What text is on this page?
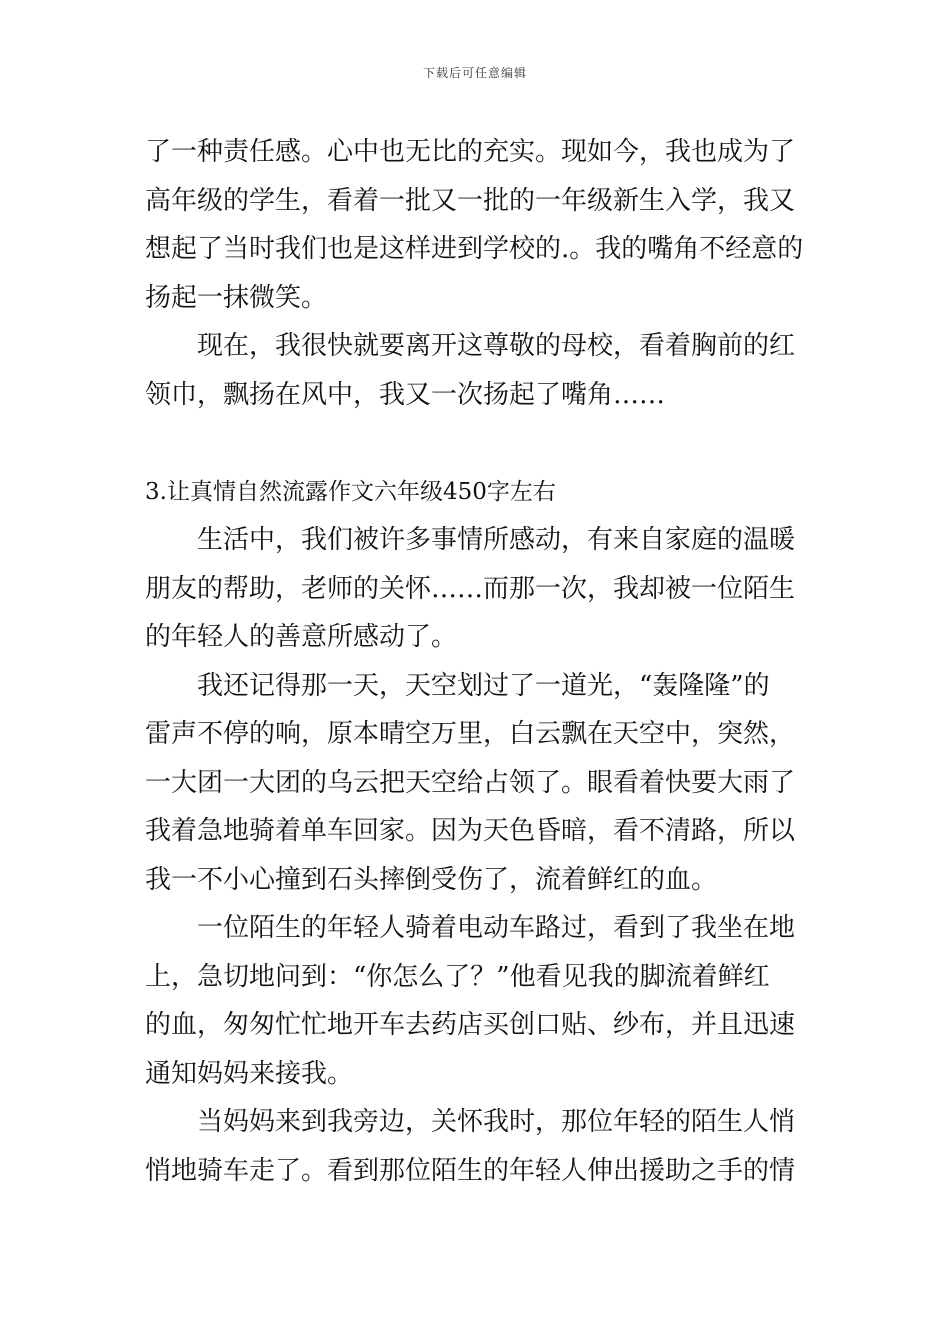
下载后可任意编辑
了一种责任感。心中也无比的充实。现如今，我也成为了
高年级的学生，看着一批又一批的一年级新生入学，我又
想起了当时我们也是这样进到学校的.。我的嘴角不经意的
扬起一抹微笑。
现在，我很快就要离开这尊敬的母校，看着胸前的红
领巾，飘扬在风中，我又一次扬起了嘴角……
3.让真情自然流露作文六年级450字左右
生活中，我们被许多事情所感动，有来自家庭的温暖
朋友的帮助，老师的关怀……而那一次，我却被一位陌生
的年轻人的善意所感动了。
我还记得那一天，天空划过了一道光，“轰隆隆”的
雷声不停的响，原本晴空万里，白云飘在天空中，突然，
一大团一大团的乌云把天空给占领了。眼看着快要大雨了
我着急地骑着单车回家。因为天色昏暗，看不清路，所以
我一不小心撞到石头摔倒受伤了，流着鲜红的血。
一位陌生的年轻人骑着电动车路过，看到了我坐在地
上，急切地问到：“你怎么了？”他看见我的脚流着鲜红
的血，匆匆忙忙地开车去药店买创口贴、纱布，并且迅速
通知妈妈来接我。
当妈妈来到我旁边，关怀我时，那位年轻的陌生人悄
悄地骑车走了。看到那位陌生的年轻人伸出援助之手的情
